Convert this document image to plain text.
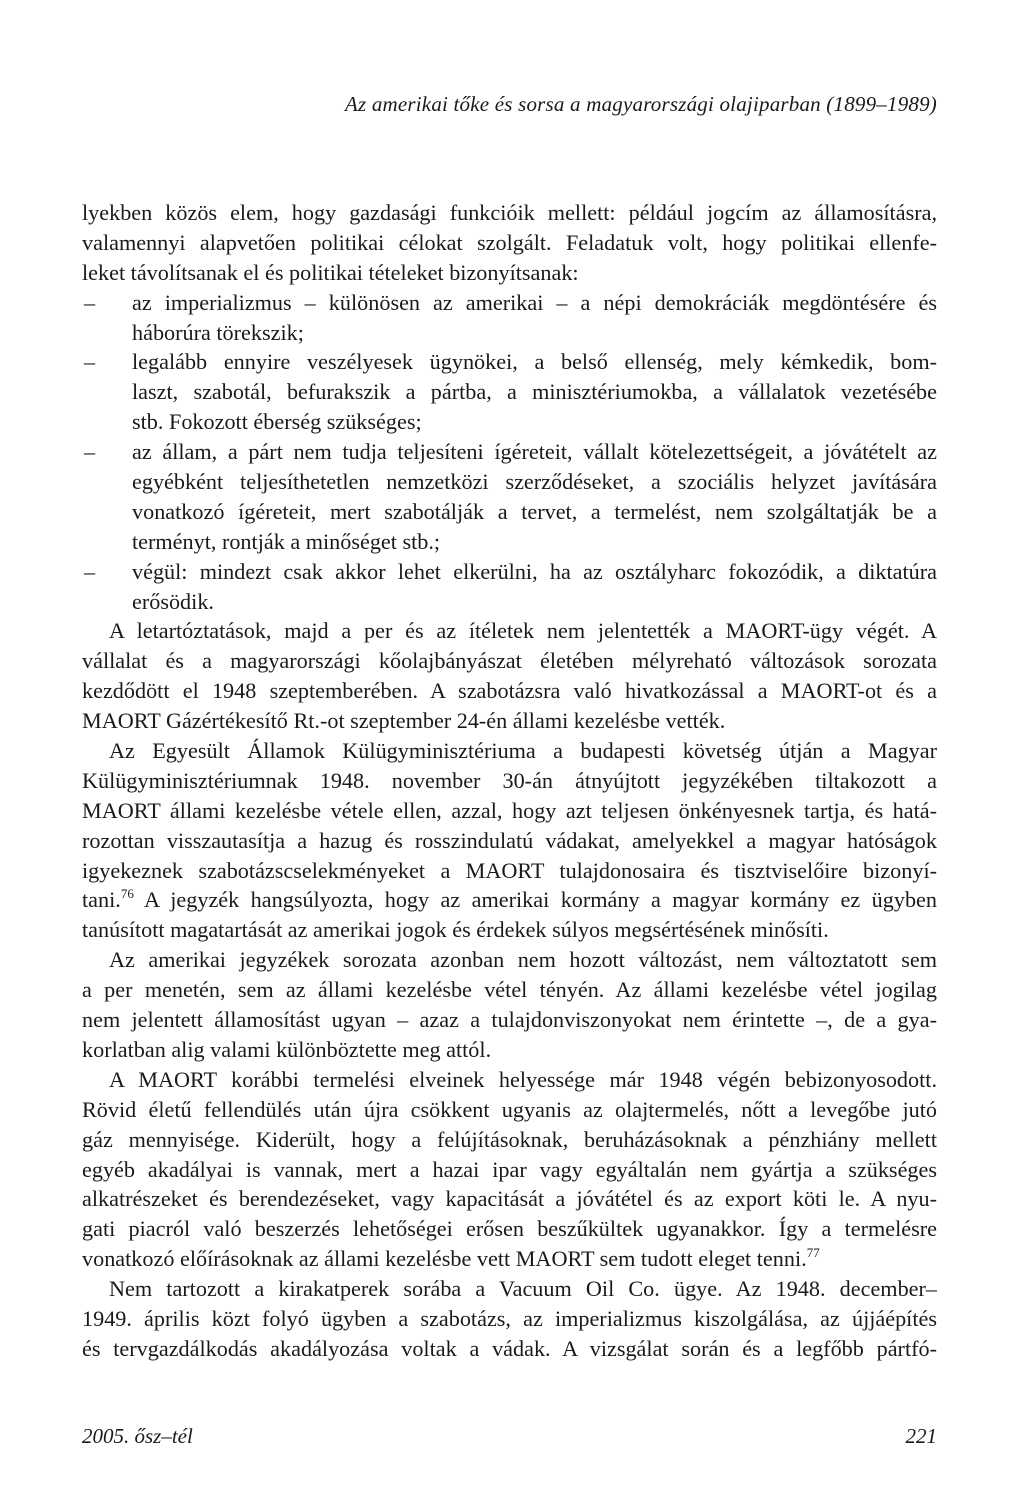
Az amerikai tőke és sorsa a magyarországi olajiparban (1899–1989)
lyekben közös elem, hogy gazdasági funkcióik mellett: például jogcím az államosításra,
valamennyi alapvetően politikai célokat szolgált. Feladatuk volt, hogy politikai ellenfe-
leket távolítsanak el és politikai tételeket bizonyítsanak:
– az imperializmus – különösen az amerikai – a népi demokráciák megdöntésére és
háborúra törekszik;
– legalább ennyire veszélyesek ügynökei, a belső ellenség, mely kémkedik, bom-
laszt, szabotál, befurakszik a pártba, a minisztériumokba, a vállalatok vezetésébe
stb. Fokozott éberség szükséges;
– az állam, a párt nem tudja teljesíteni ígéreteit, vállalt kötelezettségeit, a jóvátételt az
egyébként teljesíthetetlen nemzetközi szerződéseket, a szociális helyzet javítására
vonatkozó ígéreteit, mert szabotálják a tervet, a termelést, nem szolgáltatják be a
terményt, rontják a minőséget stb.;
– végül: mindezt csak akkor lehet elkerülni, ha az osztályharc fokozódik, a diktatúra
erősödik.
A letartóztatások, majd a per és az ítéletek nem jelentették a MAORT-ügy végét. A
vállalat és a magyarországi kőolajbányászat életében mélyreható változások sorozata
kezdődött el 1948 szeptemberében. A szabotázsra való hivatkozással a MAORT-ot és a
MAORT Gázértékesítő Rt.-ot szeptember 24-én állami kezelésbe vették.
Az Egyesült Államok Külügyminisztériuma a budapesti követség útján a Magyar
Külügyminisztériumnak 1948. november 30-án átnyújtott jegyzékében tiltakozott a
MAORT állami kezelésbe vétele ellen, azzal, hogy azt teljesen önkényesnek tartja, és hatá-
rozottan visszautasítja a hazug és rosszindulatú vádakat, amelyekkel a magyar hatóságok
igyekeznek szabotázscselekményeket a MAORT tulajdonosaira és tisztviselőire bizonyí-
tani.$^{76}$ A jegyzék hangsúlyozta, hogy az amerikai kormány a magyar kormány ez ügyben
tanúsított magatartását az amerikai jogok és érdekek súlyos megsértésének minősíti.
Az amerikai jegyzékek sorozata azonban nem hozott változást, nem változtatott sem
a per menetén, sem az állami kezelésbe vétel tényén. Az állami kezelésbe vétel jogilag
nem jelentett államosítást ugyan – azaz a tulajdonviszonyokat nem érintette –, de a gya-
korlatban alig valami különböztette meg attól.
A MAORT korábbi termelési elveinek helyessége már 1948 végén bebizonyosodott.
Rövid életű fellendülés után újra csökkent ugyanis az olajtermelés, nőtt a levegőbe jutó
gáz mennyisége. Kiderült, hogy a felújításoknak, beruházásoknak a pénzhiány mellett
egyéb akadályai is vannak, mert a hazai ipar vagy egyáltalán nem gyártja a szükséges
alkatrészeket és berendezéseket, vagy kapacitását a jóvátétel és az export köti le. A nyu-
gati piacról való beszerzés lehetőségei erősen beszűkültek ugyanakkor. Így a termelésre
vonatkozó előírásoknak az állami kezelésbe vett MAORT sem tudott eleget tenni.$^{77}$
Nem tartozott a kirakatperek sorába a Vacuum Oil Co. ügye. Az 1948. december–
1949. április közt folyó ügyben a szabotázs, az imperializmus kiszolgálása, az újjáépítés
és tervgazdálkodás akadályozása voltak a vádak. A vizsgálat során és a legfőbb pártfó-
2005. ősz–tél	221
